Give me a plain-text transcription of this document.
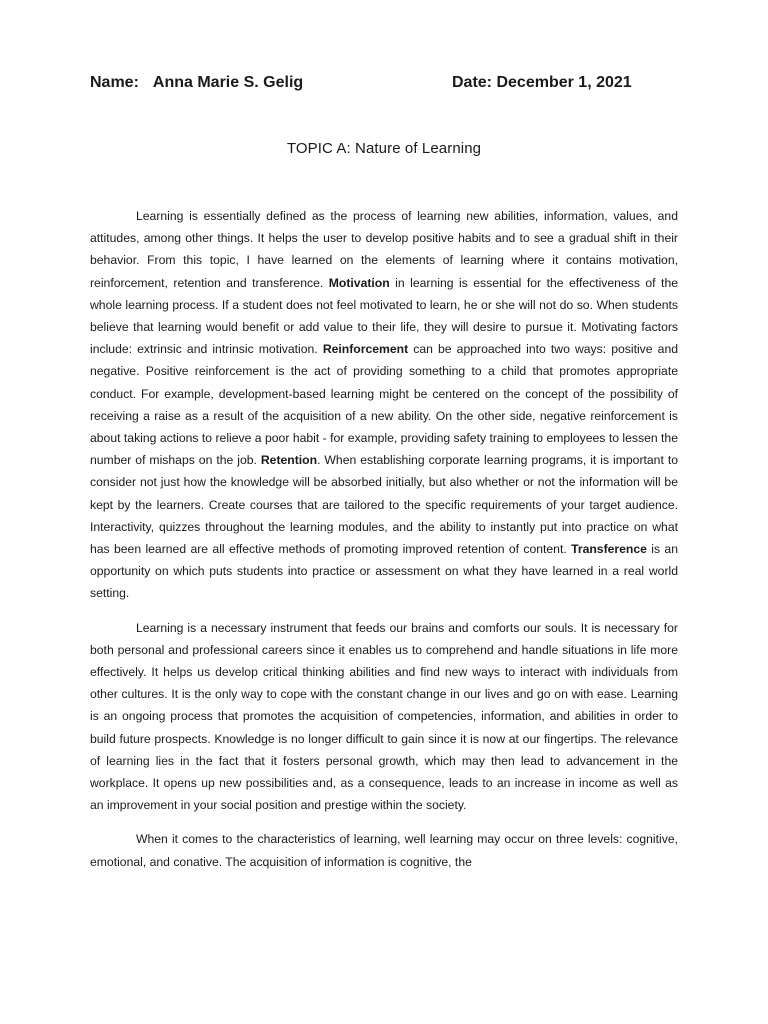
Name: Anna Marie S. Gelig	Date: December 1, 2021
TOPIC A: Nature of Learning

Learning is essentially defined as the process of learning new abilities, information, values, and attitudes, among other things. It helps the user to develop positive habits and to see a gradual shift in their behavior. From this topic, I have learned on the elements of learning where it contains motivation, reinforcement, retention and transference. Motivation in learning is essential for the effectiveness of the whole learning process. If a student does not feel motivated to learn, he or she will not do so. When students believe that learning would benefit or add value to their life, they will desire to pursue it. Motivating factors include: extrinsic and intrinsic motivation. Reinforcement can be approached into two ways: positive and negative. Positive reinforcement is the act of providing something to a child that promotes appropriate conduct. For example, development-based learning might be centered on the concept of the possibility of receiving a raise as a result of the acquisition of a new ability. On the other side, negative reinforcement is about taking actions to relieve a poor habit - for example, providing safety training to employees to lessen the number of mishaps on the job. Retention. When establishing corporate learning programs, it is important to consider not just how the knowledge will be absorbed initially, but also whether or not the information will be kept by the learners. Create courses that are tailored to the specific requirements of your target audience. Interactivity, quizzes throughout the learning modules, and the ability to instantly put into practice on what has been learned are all effective methods of promoting improved retention of content. Transference is an opportunity on which puts students into practice or assessment on what they have learned in a real world setting.

Learning is a necessary instrument that feeds our brains and comforts our souls. It is necessary for both personal and professional careers since it enables us to comprehend and handle situations in life more effectively. It helps us develop critical thinking abilities and find new ways to interact with individuals from other cultures. It is the only way to cope with the constant change in our lives and go on with ease. Learning is an ongoing process that promotes the acquisition of competencies, information, and abilities in order to build future prospects. Knowledge is no longer difficult to gain since it is now at our fingertips. The relevance of learning lies in the fact that it fosters personal growth, which may then lead to advancement in the workplace. It opens up new possibilities and, as a consequence, leads to an increase in income as well as an improvement in your social position and prestige within the society.

When it comes to the characteristics of learning, well learning may occur on three levels: cognitive, emotional, and conative. The acquisition of information is cognitive, the
